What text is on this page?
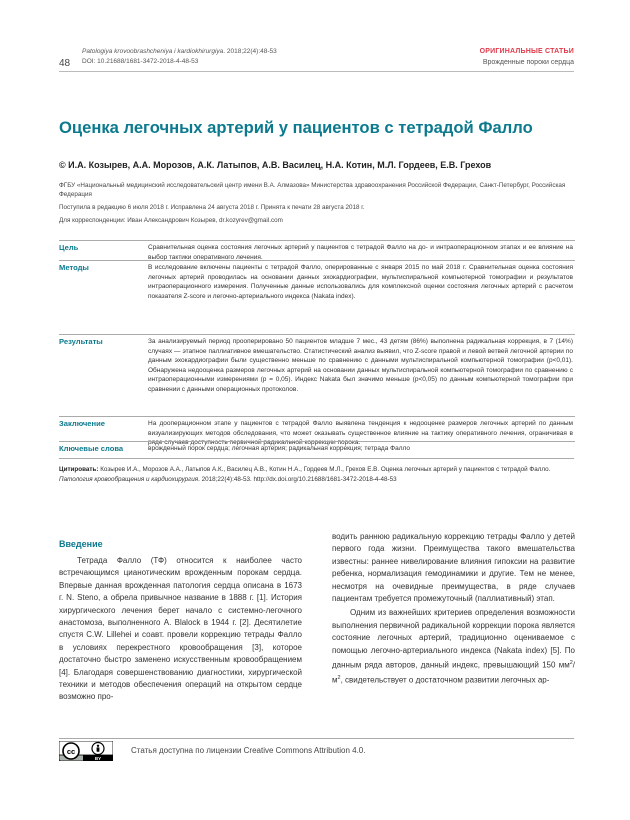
48
Patologiya krovoobrashcheniya i kardiokhirurgiya. 2018;22(4):48-53
DOI: 10.21688/1681-3472-2018-4-48-53
ОРИГИНАЛЬНЫЕ СТАТЬИ
Врожденные пороки сердца
Оценка легочных артерий у пациентов с тетрадой Фалло
© И.А. Козырев, А.А. Морозов, А.К. Латыпов, А.В. Василец, Н.А. Котин, М.Л. Гордеев, Е.В. Грехов
ФГБУ «Национальный медицинский исследовательский центр имени В.А. Алмазова» Министерства здравоохранения Российской Федерации, Санкт-Петербург, Российская Федерация
Поступила в редакцию 6 июля 2018 г. Исправлена 24 августа 2018 г. Принята к печати 28 августа 2018 г.
Для корреспонденции: Иван Александрович Козырев, dr.kozyrev@gmail.com
Цель	Сравнительная оценка состояния легочных артерий у пациентов с тетрадой Фалло на до- и интраоперационном этапах и ее влияние на выбор тактики оперативного лечения.
Методы	В исследование включены пациенты с тетрадой Фалло, оперированные с января 2015 по май 2018 г. Сравнительная оценка состояния легочных артерий проводилась на основании данных эхокардиографии, мультиспиральной компьютерной томографии и результатов интраоперационного измерения. Полученные данные использовались для комплексной оценки состояния легочных артерий с расчетом показателя Z-score и легочно-артериального индекса (Nakata index).
Результаты	За анализируемый период прооперировано 50 пациентов младше 7 мес., 43 детям (86%) выполнена радикальная коррекция, в 7 (14%) случаях — этапное паллиативное вмешательство. Статистический анализ выявил, что Z-score правой и левой ветвей легочной артерии по данным эхокардиографии были существенно меньше по сравнению с данными мультиспиральной компьютерной томографии (p<0,01). Обнаружена недооценка размеров легочных артерий на основании данных мультиспиральной компьютерной томографии по сравнению с интраоперационными измерениями (p = 0,05). Индекс Nakata был значимо меньше (p<0,05) по данным компьютерной томографии при сравнении с данными операционных протоколов.
Заключение	На дооперационном этапе у пациентов с тетрадой Фалло выявлена тенденция к недооценке размеров легочных артерий по данным визуализирующих методов обследования, что может оказывать существенное влияние на тактику оперативного лечения, ограничивая в ряде случаев доступность первичной радикальной коррекции порока.
Ключевые слова	врожденный порок сердца; легочная артерия; радикальная коррекция; тетрада Фалло
Цитировать: Козырев И.А., Морозов А.А., Латыпов А.К., Василец А.В., Котин Н.А., Гордеев М.Л., Грехов Е.В. Оценка легочных артерий у пациентов с тетрадой Фалло. Патология кровообращения и кардиохирургия. 2018;22(4):48-53. http://dx.doi.org/10.21688/1681-3472-2018-4-48-53
Введение

Тетрада Фалло (ТФ) относится к наиболее часто встречающимся цианотическим врожденным порокам сердца. Впервые данная врожденная патология сердца описана в 1673 г. N. Steno, а обрела привычное название в 1888 г. [1]. История хирургического лечения берет начало с системно-легочного анастомоза, выполненного A. Blalock в 1944 г. [2]. Десятилетие спустя C.W. Lillehei и соавт. провели коррекцию тетрады Фалло в условиях перекрестного кровообращения [3], которое достаточно быстро заменено искусственным кровообращением [4]. Благодаря совершенствованию диагностики, хирургической техники и методов обеспечения операций на открытом сердце возможно про-

водить раннюю радикальную коррекцию тетрады Фалло у детей первого года жизни. Преимущества такого вмешательства известны: раннее нивелирование влияния гипоксии на развитие ребенка, нормализация гемодинамики и другие. Тем не менее, несмотря на очевидные преимущества, в ряде случаев пациентам требуется промежуточный (паллиативный) этап.

Одним из важнейших критериев определения возможности выполнения первичной радикальной коррекции порока является состояние легочных артерий, традиционно оцениваемое с помощью легочно-артериального индекса (Nakata index) [5]. По данным ряда авторов, данный индекс, превышающий 150 $мм^2/м^2$, свидетельствует о достаточном развитии легочных ар-

cc
BY
Статья доступна по лицензии Creative Commons Attribution 4.0.
